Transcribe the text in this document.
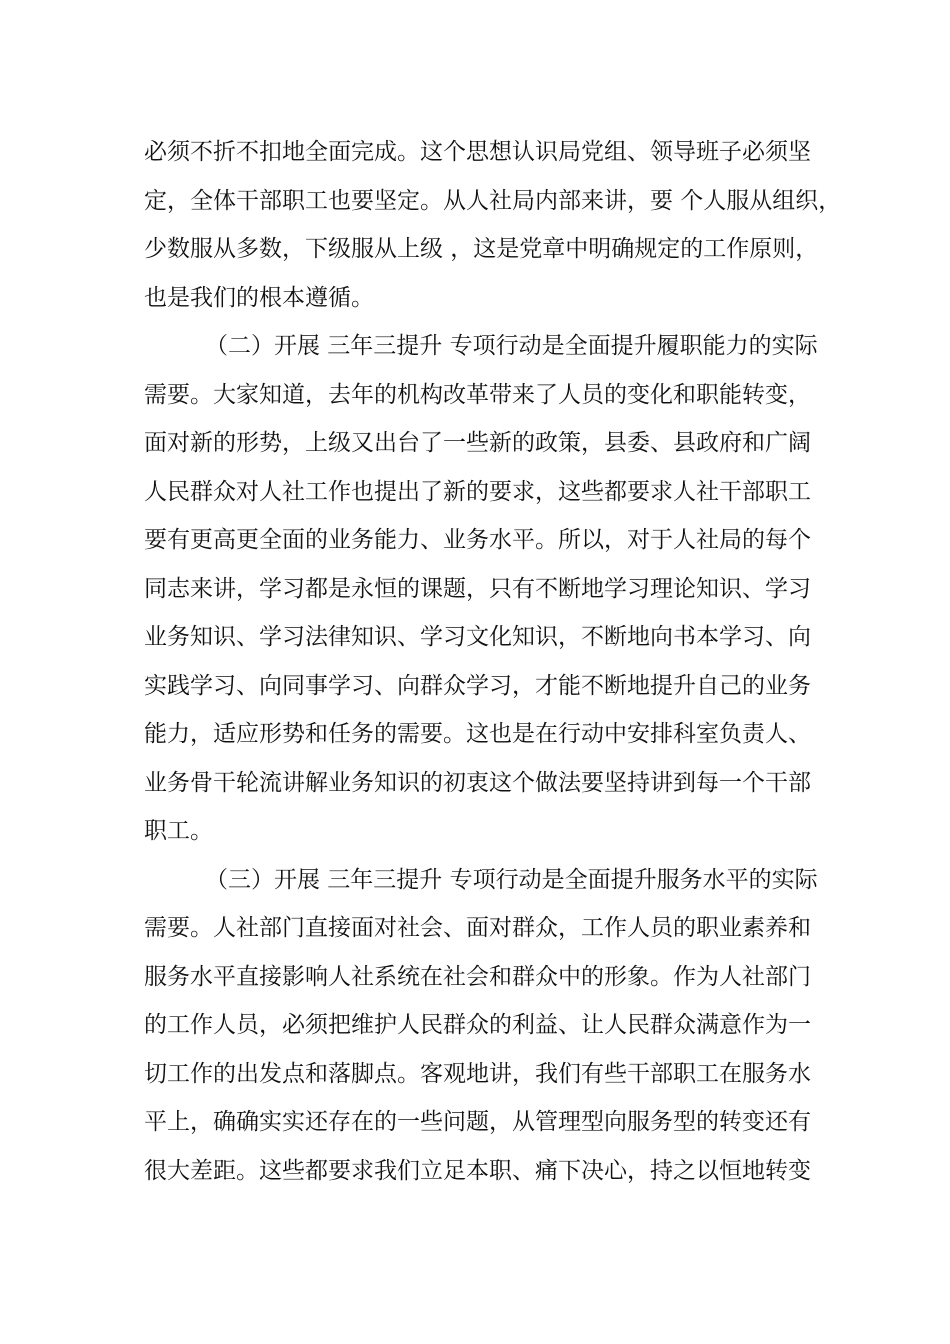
必须不折不扣地全面完成。这个思想认识局党组、领导班子必须坚
定，全体干部职工也要坚定。从人社局内部来讲，要 个人服从组织，
少数服从多数，下级服从上级 ，这是党章中明确规定的工作原则，
也是我们的根本遵循。
（二）开展 三年三提升 专项行动是全面提升履职能力的实际
需要。大家知道，去年的机构改革带来了人员的变化和职能转变，
面对新的形势，上级又出台了一些新的政策，县委、县政府和广阔
人民群众对人社工作也提出了新的要求，这些都要求人社干部职工
要有更高更全面的业务能力、业务水平。所以，对于人社局的每个
同志来讲，学习都是永恒的课题，只有不断地学习理论知识、学习
业务知识、学习法律知识、学习文化知识，不断地向书本学习、向
实践学习、向同事学习、向群众学习，才能不断地提升自己的业务
能力，适应形势和任务的需要。这也是在行动中安排科室负责人、
业务骨干轮流讲解业务知识的初衷这个做法要坚持讲到每一个干部
职工。
（三）开展 三年三提升 专项行动是全面提升服务水平的实际
需要。人社部门直接面对社会、面对群众，工作人员的职业素养和
服务水平直接影响人社系统在社会和群众中的形象。作为人社部门
的工作人员，必须把维护人民群众的利益、让人民群众满意作为一
切工作的出发点和落脚点。客观地讲，我们有些干部职工在服务水
平上，确确实实还存在的一些问题，从管理型向服务型的转变还有
很大差距。这些都要求我们立足本职、痛下决心，持之以恒地转变
